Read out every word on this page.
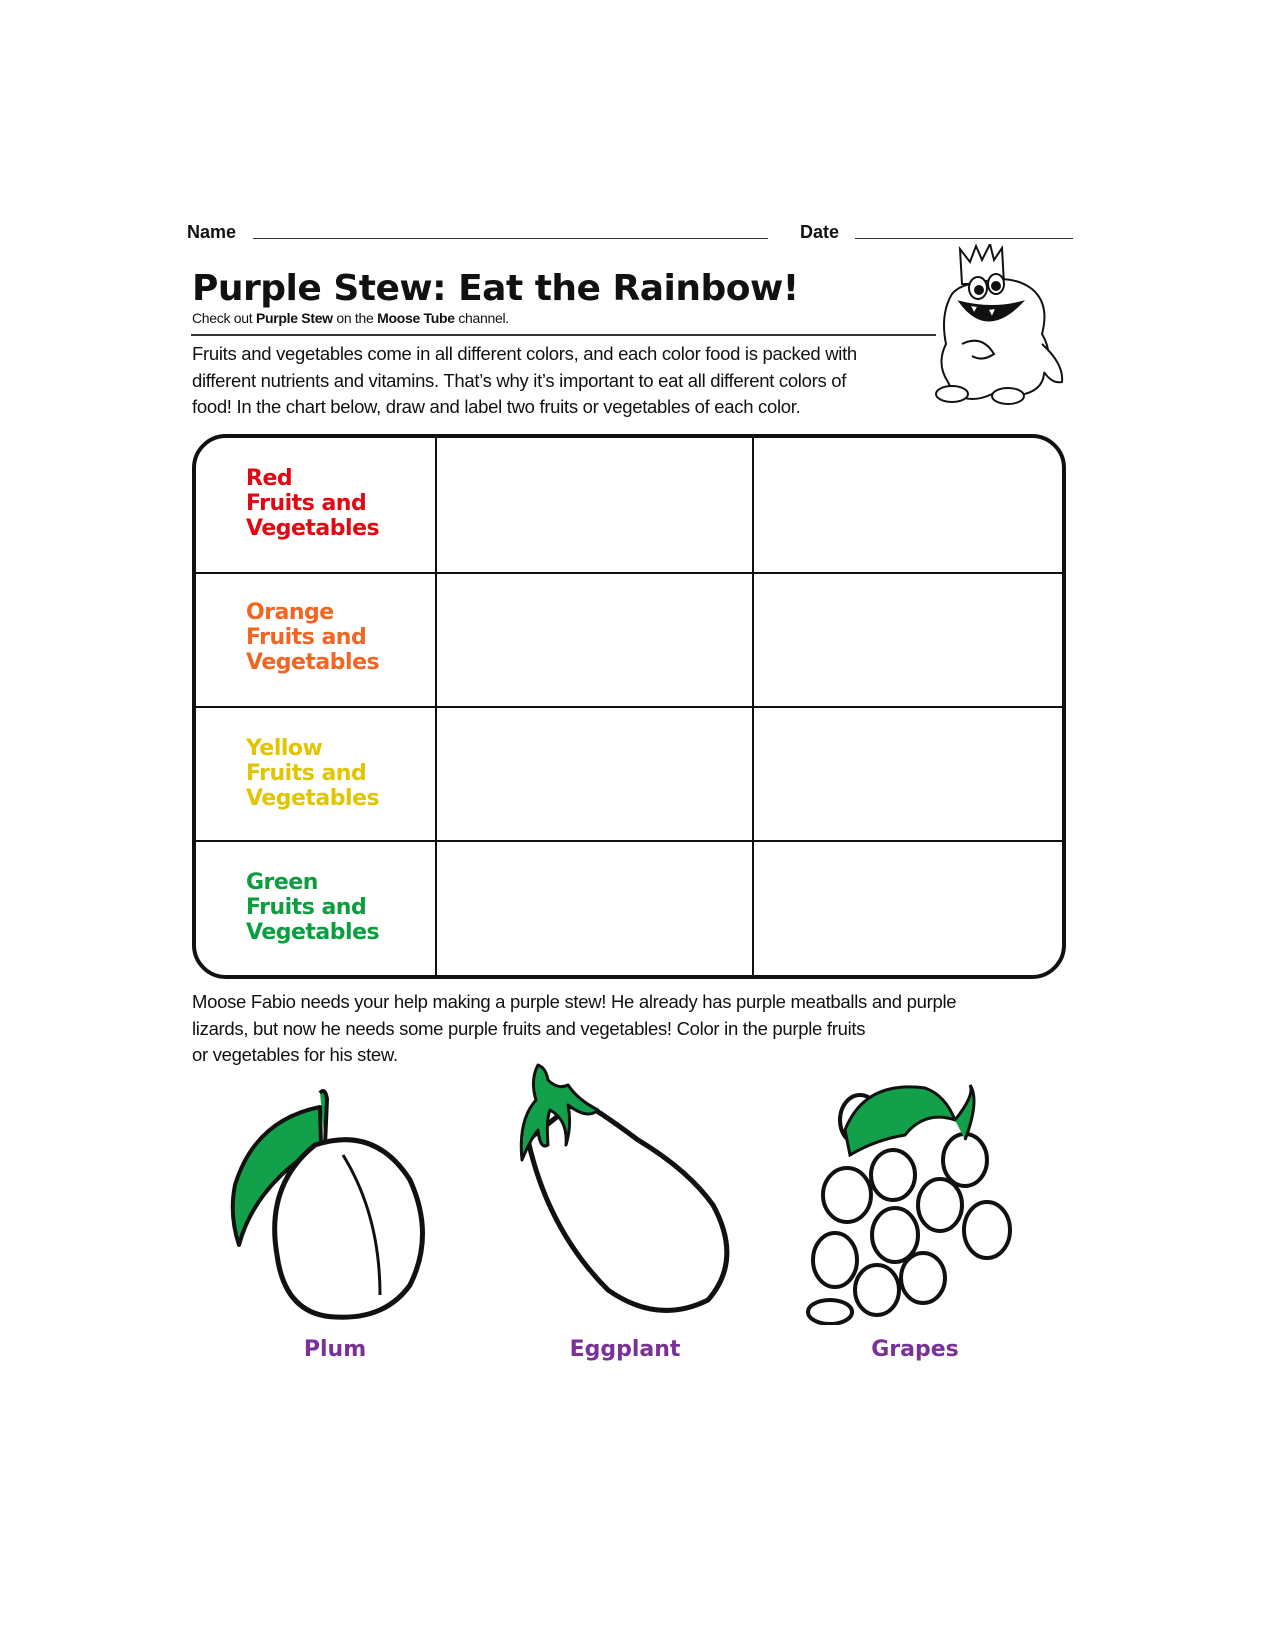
Name	Date
Purple Stew: Eat the Rainbow!
Check out Purple Stew on the Moose Tube channel.
Fruits and vegetables come in all different colors, and each color food is packed with
different nutrients and vitamins. That’s why it’s important to eat all different colors of
food! In the chart below, draw and label two fruits or vegetables of each color.
Red
Fruits and
Vegetables
Orange
Fruits and
Vegetables
Yellow
Fruits and
Vegetables
Green
Fruits and
Vegetables
Moose Fabio needs your help making a purple stew! He already has purple meatballs and purple
lizards, but now he needs some purple fruits and vegetables! Color in the purple fruits
or vegetables for his stew.
Plum	Eggplant	Grapes
